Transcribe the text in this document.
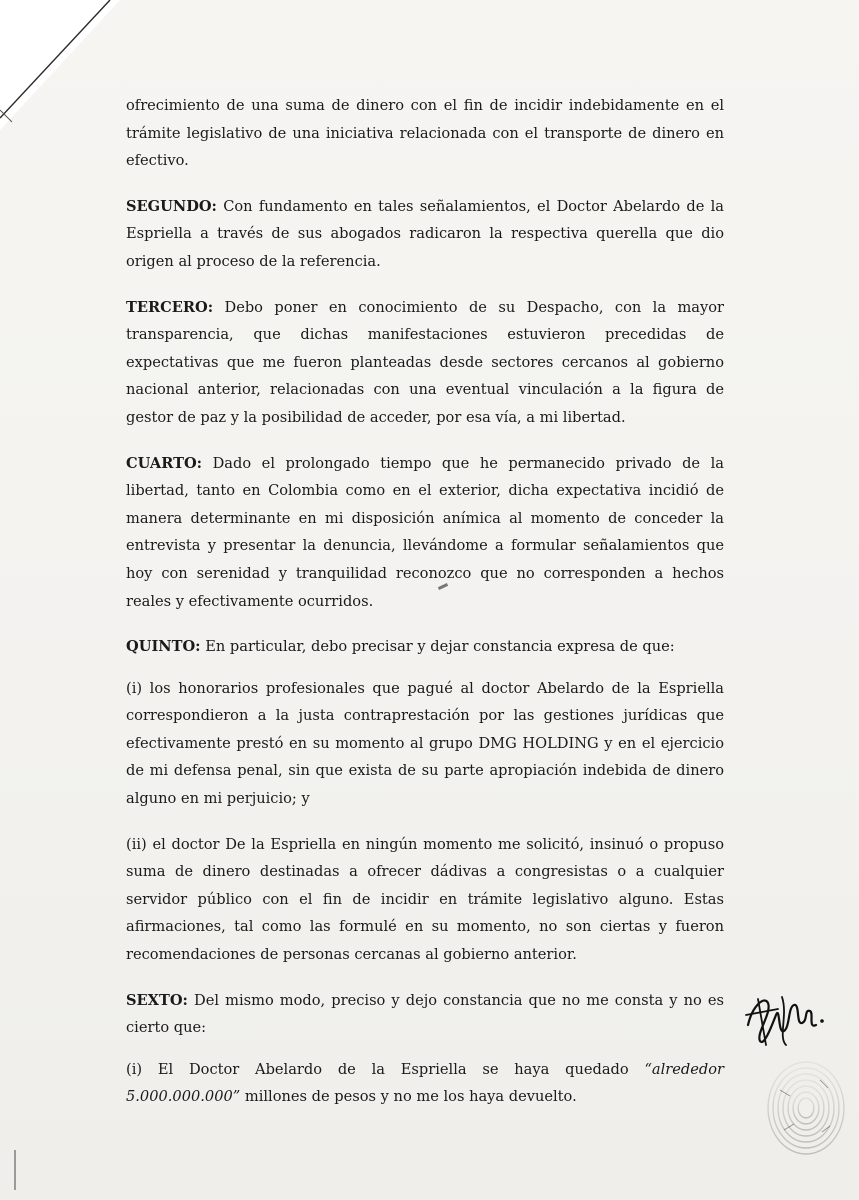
ofrecimiento de una suma de dinero con el fin de incidir indebidamente en el trámite legislativo de una iniciativa relacionada con el transporte de dinero en efectivo.

SEGUNDO: Con fundamento en tales señalamientos, el Doctor Abelardo de la Espriella a través de sus abogados radicaron la respectiva querella que dio origen al proceso de la referencia.

TERCERO: Debo poner en conocimiento de su Despacho, con la mayor transparencia, que dichas manifestaciones estuvieron precedidas de expectativas que me fueron planteadas desde sectores cercanos al gobierno nacional anterior, relacionadas con una eventual vinculación a la figura de gestor de paz y la posibilidad de acceder, por esa vía, a mi libertad.

CUARTO: Dado el prolongado tiempo que he permanecido privado de la libertad, tanto en Colombia como en el exterior, dicha expectativa incidió de manera determinante en mi disposición anímica al momento de conceder la entrevista y presentar la denuncia, llevándome a formular señalamientos que hoy con serenidad y tranquilidad reconozco que no corresponden a hechos reales y efectivamente ocurridos.

QUINTO: En particular, debo precisar y dejar constancia expresa de que:

(i) los honorarios profesionales que pagué al doctor Abelardo de la Espriella correspondieron a la justa contraprestación por las gestiones jurídicas que efectivamente prestó en su momento al grupo DMG HOLDING y en el ejercicio de mi defensa penal, sin que exista de su parte apropiación indebida de dinero alguno en mi perjuicio; y

(ii) el doctor De la Espriella en ningún momento me solicitó, insinuó o propuso suma de dinero destinadas a ofrecer dádivas a congresistas o a cualquier servidor público con el fin de incidir en trámite legislativo alguno. Estas afirmaciones, tal como las formulé en su momento, no son ciertas y fueron recomendaciones de personas cercanas al gobierno anterior.

SEXTO: Del mismo modo, preciso y dejo constancia que no me consta y no es cierto que:

(i) El Doctor Abelardo de la Espriella se haya quedado “alrededor 5.000.000.000” millones de pesos y no me los haya devuelto.
